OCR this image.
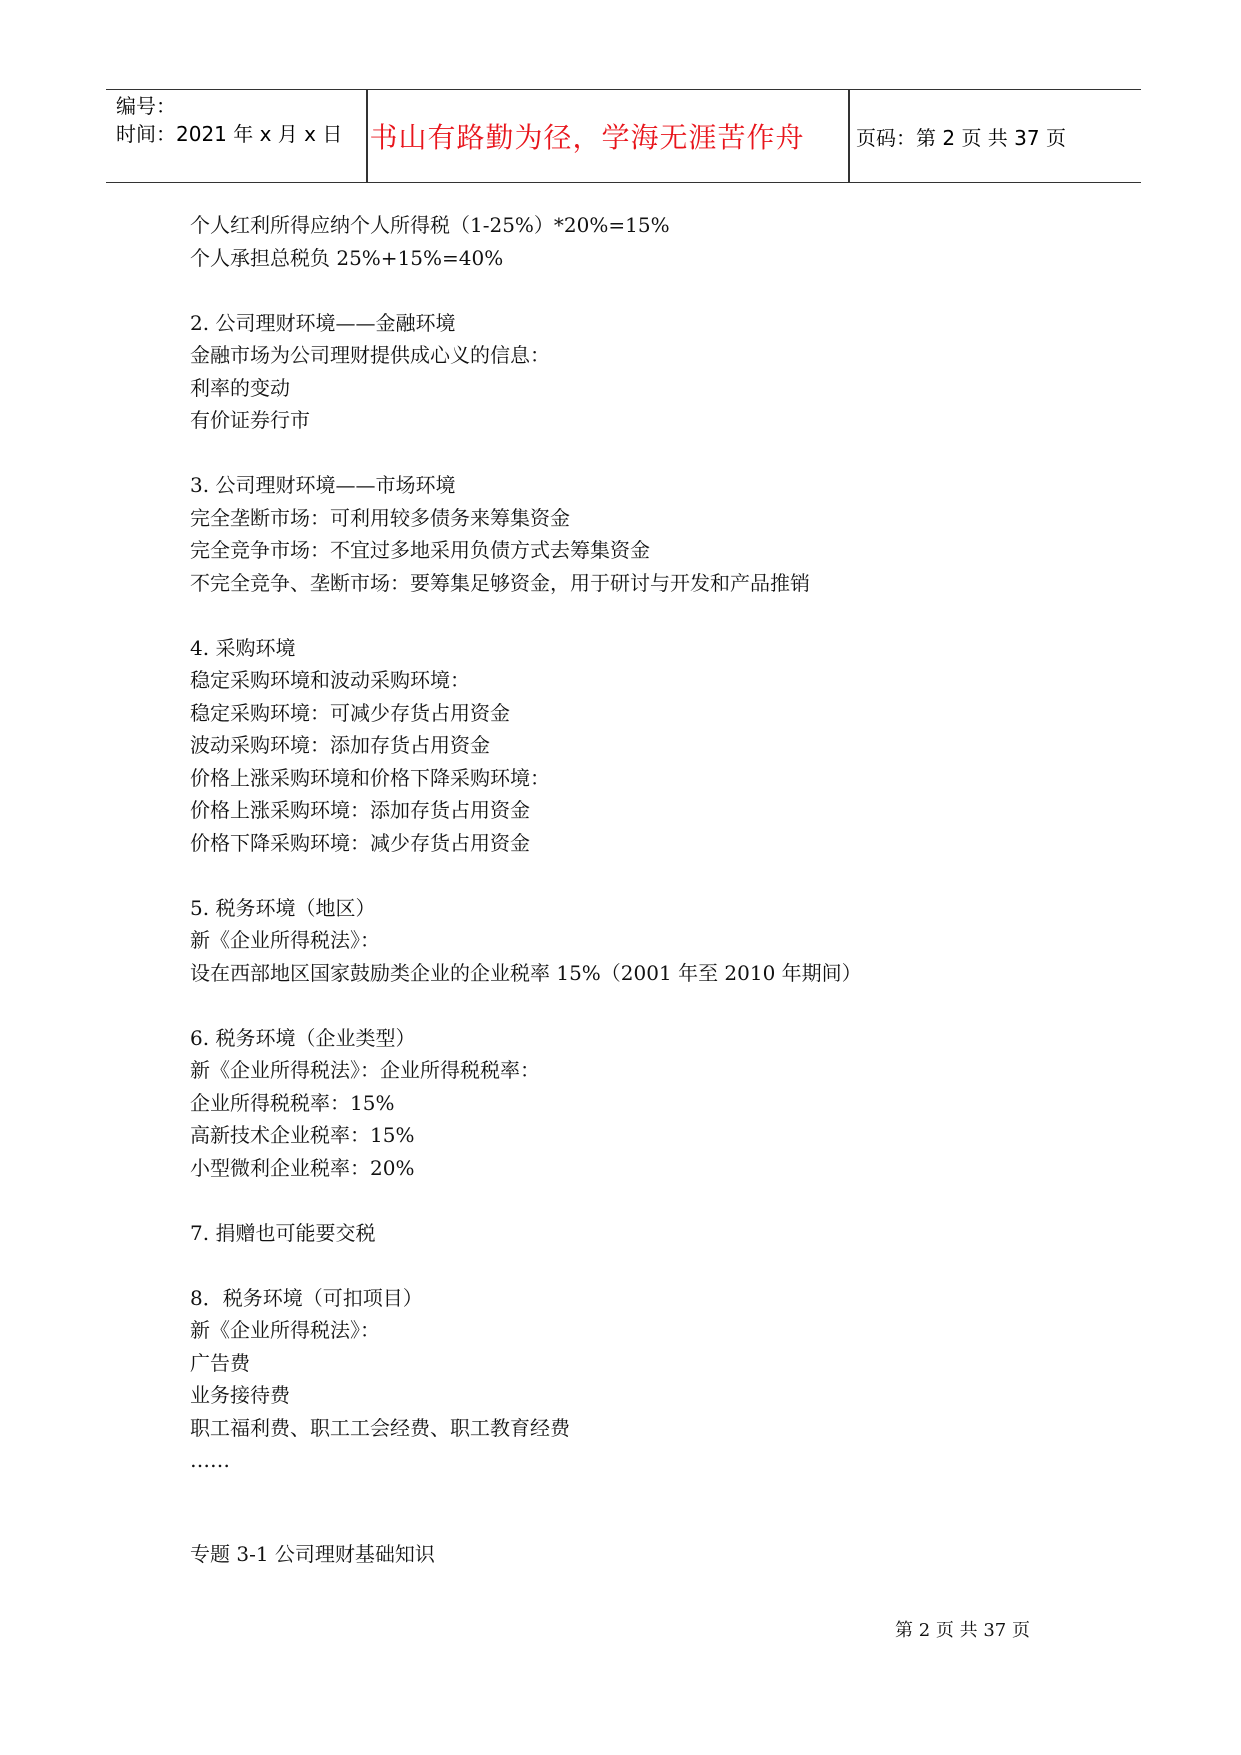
编号：
时间：2021 年 x 月 x 日 书山有路勤为径，学海无涯苦作舟	页码：第 2 页 共 37 页
个人红利所得应纳个人所得税（1-25%）*20%=15%
个人承担总税负 25%+15%=40%
2. 公司理财环境——金融环境
金融市场为公司理财提供成心义的信息：
利率的变动
有价证券行市
3. 公司理财环境——市场环境
完全垄断市场：可利用较多债务来筹集资金
完全竞争市场：不宜过多地采用负债方式去筹集资金
不完全竞争、垄断市场：要筹集足够资金，用于研讨与开发和产品推销
4. 采购环境
稳定采购环境和波动采购环境：
稳定采购环境：可减少存货占用资金
波动采购环境：添加存货占用资金
价格上涨采购环境和价格下降采购环境：
价格上涨采购环境：添加存货占用资金
价格下降采购环境：减少存货占用资金
5. 税务环境（地区）
新《企业所得税法》：
设在西部地区国家鼓励类企业的企业税率 15%（2001 年至 2010 年期间）
6. 税务环境（企业类型）
新《企业所得税法》：企业所得税税率：
企业所得税税率：15%
高新技术企业税率：15%
小型微利企业税率：20%
7. 捐赠也可能要交税
8．税务环境（可扣项目）
新《企业所得税法》：
广告费
业务接待费
职工福利费、职工工会经费、职工教育经费
……
专题 3-1 公司理财基础知识
第 2 页 共 37 页
